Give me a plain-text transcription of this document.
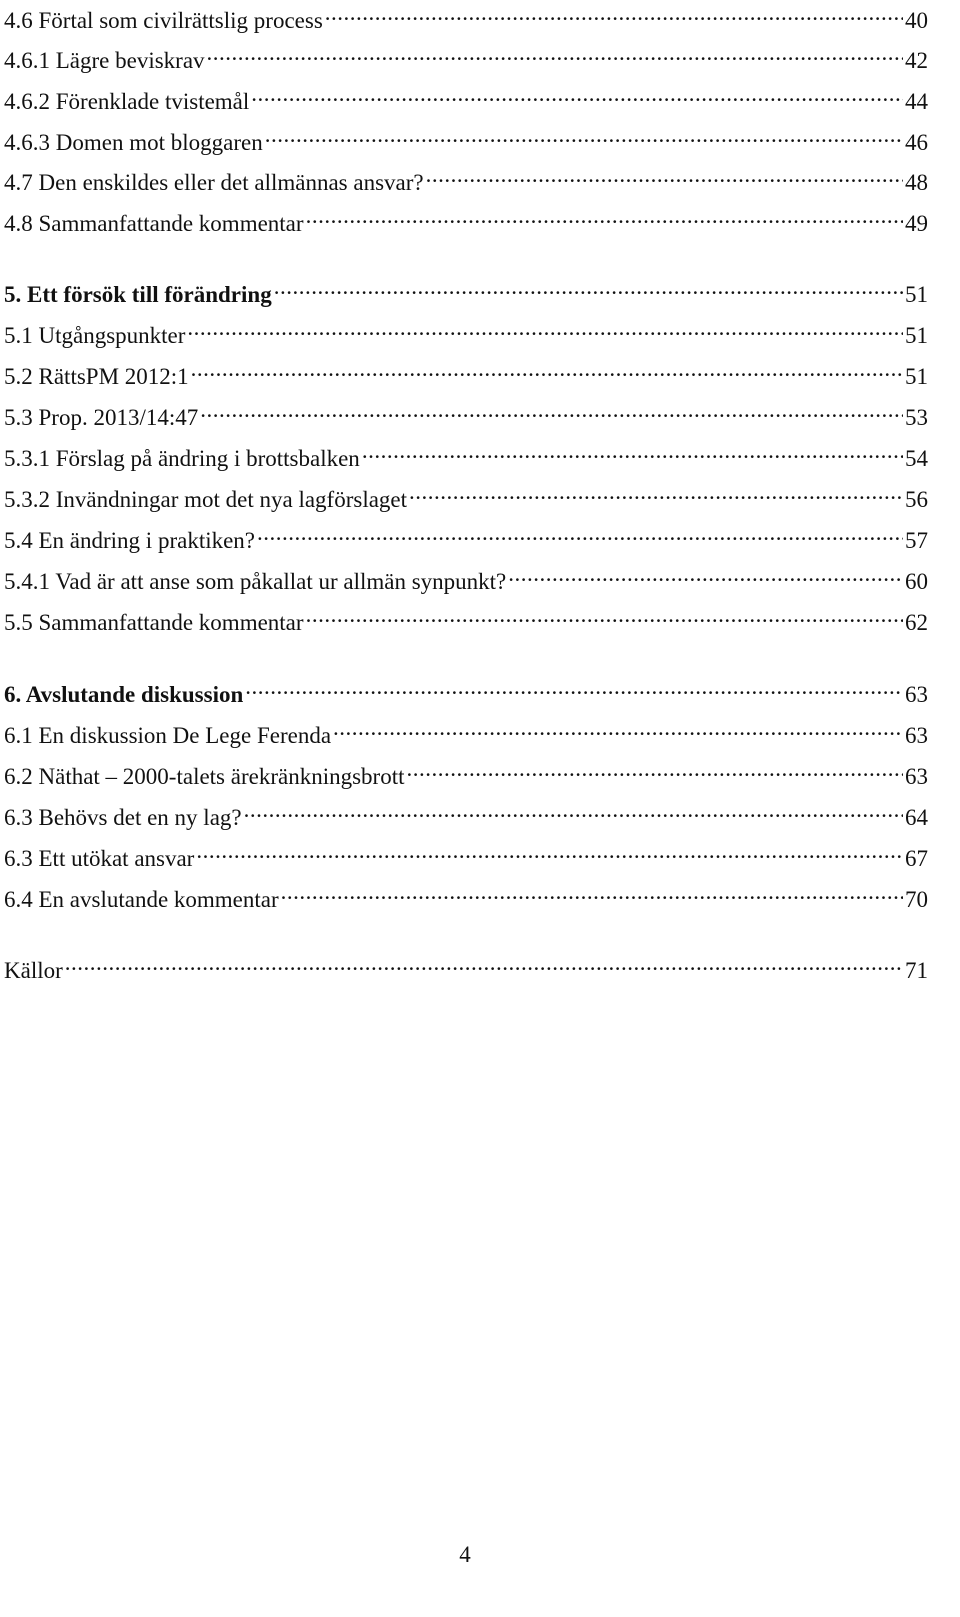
4.6 Förtal som civilrättslig process .....	40
4.6.1 Lägre beviskrav .....	42
4.6.2 Förenklade tvistemål .....	44
4.6.3 Domen mot bloggaren .....	46
4.7 Den enskildes eller det allmännas ansvar? .....	48
4.8 Sammanfattande kommentar .....	49
5. Ett försök till förändring .....	51
5.1 Utgångspunkter .....	51
5.2 RättsPM 2012:1 .....	51
5.3 Prop. 2013/14:47 .....	53
5.3.1 Förslag på ändring i brottsbalken .....	54
5.3.2 Invändningar mot det nya lagförslaget .....	56
5.4 En ändring i praktiken? .....	57
5.4.1 Vad är att anse som påkallat ur allmän synpunkt? .....	60
5.5 Sammanfattande kommentar .....	62
6. Avslutande diskussion .....	63
6.1 En diskussion De Lege Ferenda .....	63
6.2 Näthat – 2000-talets ärekränkningsbrott .....	63
6.3 Behövs det en ny lag? .....	64
6.3 Ett utökat ansvar .....	67
6.4 En avslutande kommentar .....	70
Källor .....	71
4
